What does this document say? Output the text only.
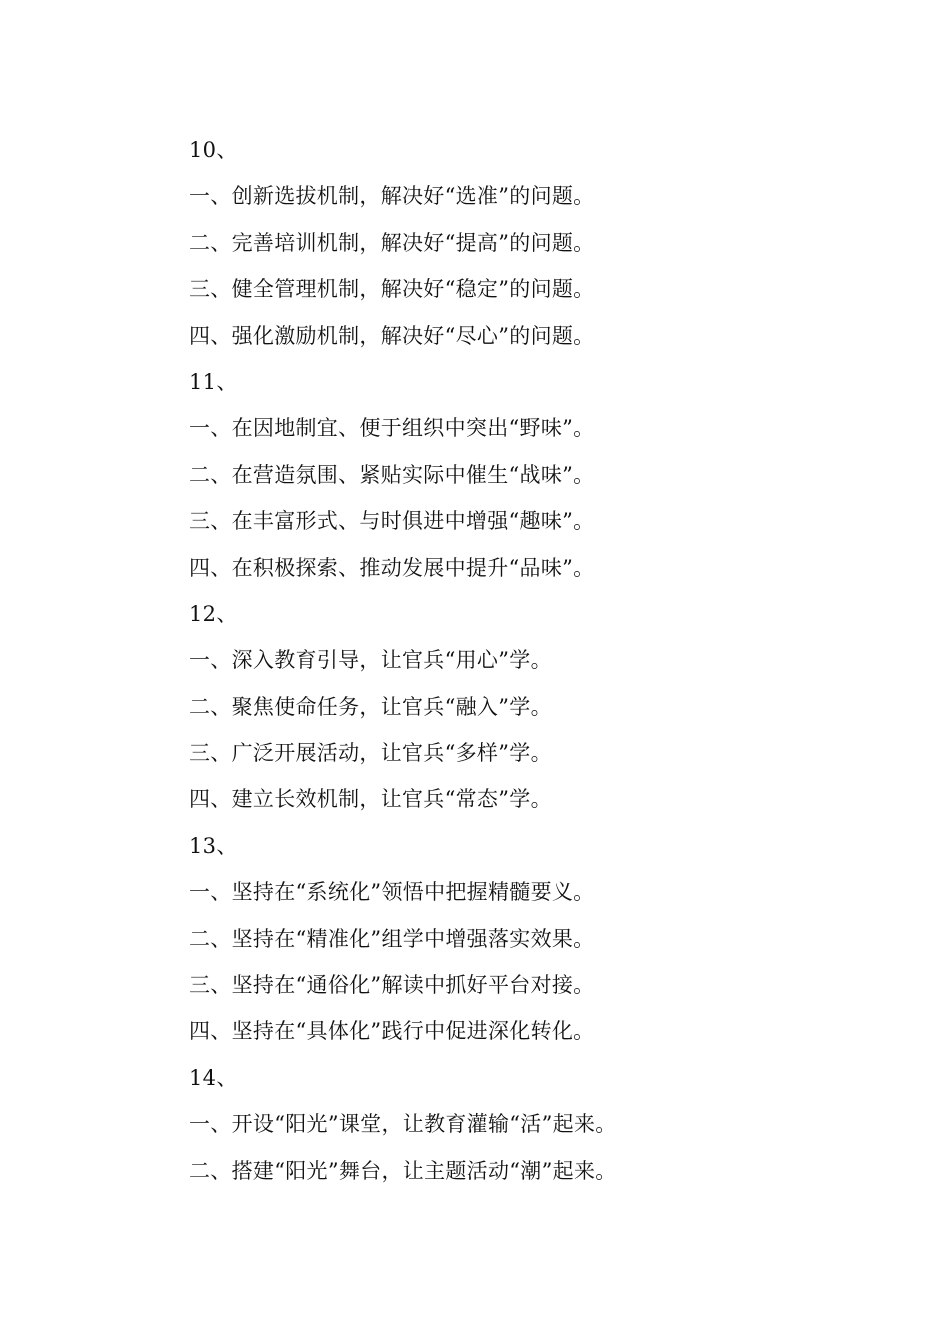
10、
一、创新选拔机制，解决好“选准”的问题。
二、完善培训机制，解决好“提高”的问题。
三、健全管理机制，解决好“稳定”的问题。
四、强化激励机制，解决好“尽心”的问题。
11、
一、在因地制宜、便于组织中突出“野味”。
二、在营造氛围、紧贴实际中催生“战味”。
三、在丰富形式、与时俱进中增强“趣味”。
四、在积极探索、推动发展中提升“品味”。
12、
一、深入教育引导，让官兵“用心”学。
二、聚焦使命任务，让官兵“融入”学。
三、广泛开展活动，让官兵“多样”学。
四、建立长效机制，让官兵“常态”学。
13、
一、坚持在“系统化”领悟中把握精髓要义。
二、坚持在“精准化”组学中增强落实效果。
三、坚持在“通俗化”解读中抓好平台对接。
四、坚持在“具体化”践行中促进深化转化。
14、
一、开设“阳光”课堂，让教育灌输“活”起来。
二、搭建“阳光”舞台，让主题活动“潮”起来。
